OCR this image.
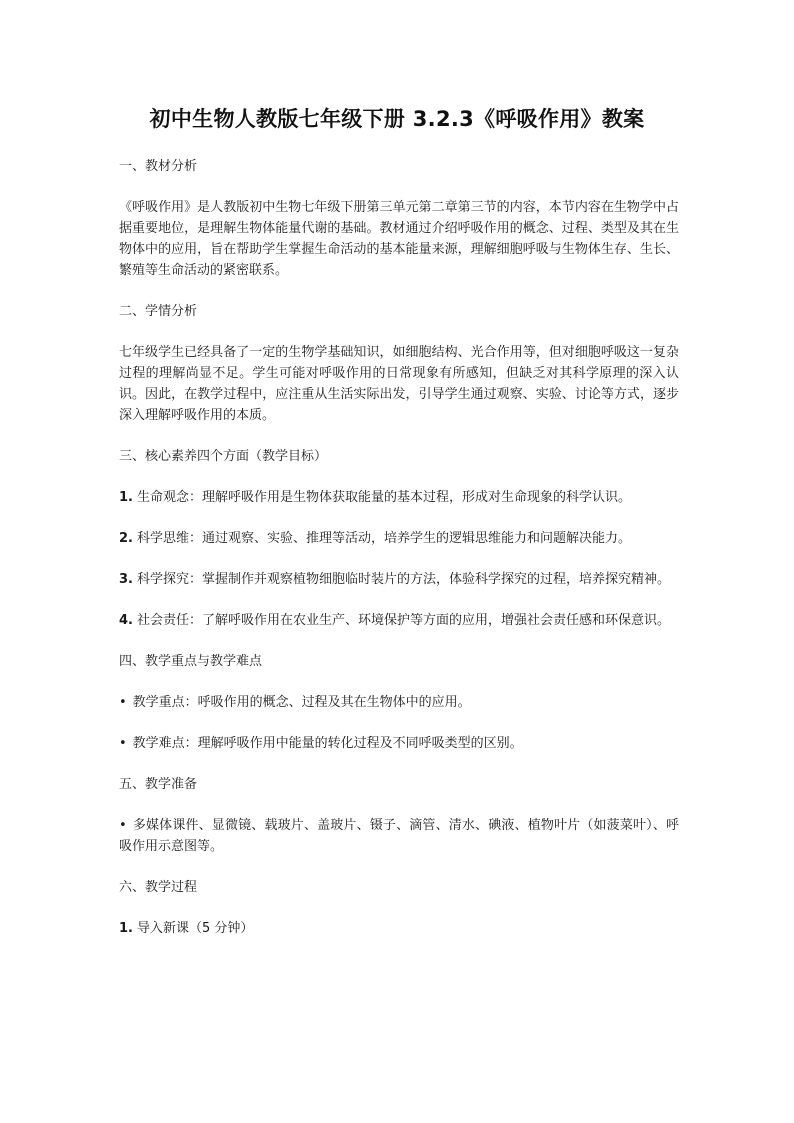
初中生物人教版七年级下册 3.2.3《呼吸作用》教案

一、教材分析

《呼吸作用》是人教版初中生物七年级下册第三单元第二章第三节的内容，本节内容在生物学中占据重要地位，是理解生物体能量代谢的基础。教材通过介绍呼吸作用的概念、过程、类型及其在生物体中的应用，旨在帮助学生掌握生命活动的基本能量来源，理解细胞呼吸与生物体生存、生长、繁殖等生命活动的紧密联系。

二、学情分析

七年级学生已经具备了一定的生物学基础知识，如细胞结构、光合作用等，但对细胞呼吸这一复杂过程的理解尚显不足。学生可能对呼吸作用的日常现象有所感知，但缺乏对其科学原理的深入认识。因此，在教学过程中，应注重从生活实际出发，引导学生通过观察、实验、讨论等方式，逐步深入理解呼吸作用的本质。

三、核心素养四个方面（教学目标）

1. 生命观念：理解呼吸作用是生物体获取能量的基本过程，形成对生命现象的科学认识。

2. 科学思维：通过观察、实验、推理等活动，培养学生的逻辑思维能力和问题解决能力。

3. 科学探究：掌握制作并观察植物细胞临时装片的方法，体验科学探究的过程，培养探究精神。

4. 社会责任：了解呼吸作用在农业生产、环境保护等方面的应用，增强社会责任感和环保意识。

四、教学重点与教学难点

• 教学重点：呼吸作用的概念、过程及其在生物体中的应用。

• 教学难点：理解呼吸作用中能量的转化过程及不同呼吸类型的区别。

五、教学准备

• 多媒体课件、显微镜、载玻片、盖玻片、镊子、滴管、清水、碘液、植物叶片（如菠菜叶）、呼吸作用示意图等。

六、教学过程

1. 导入新课（5 分钟）
